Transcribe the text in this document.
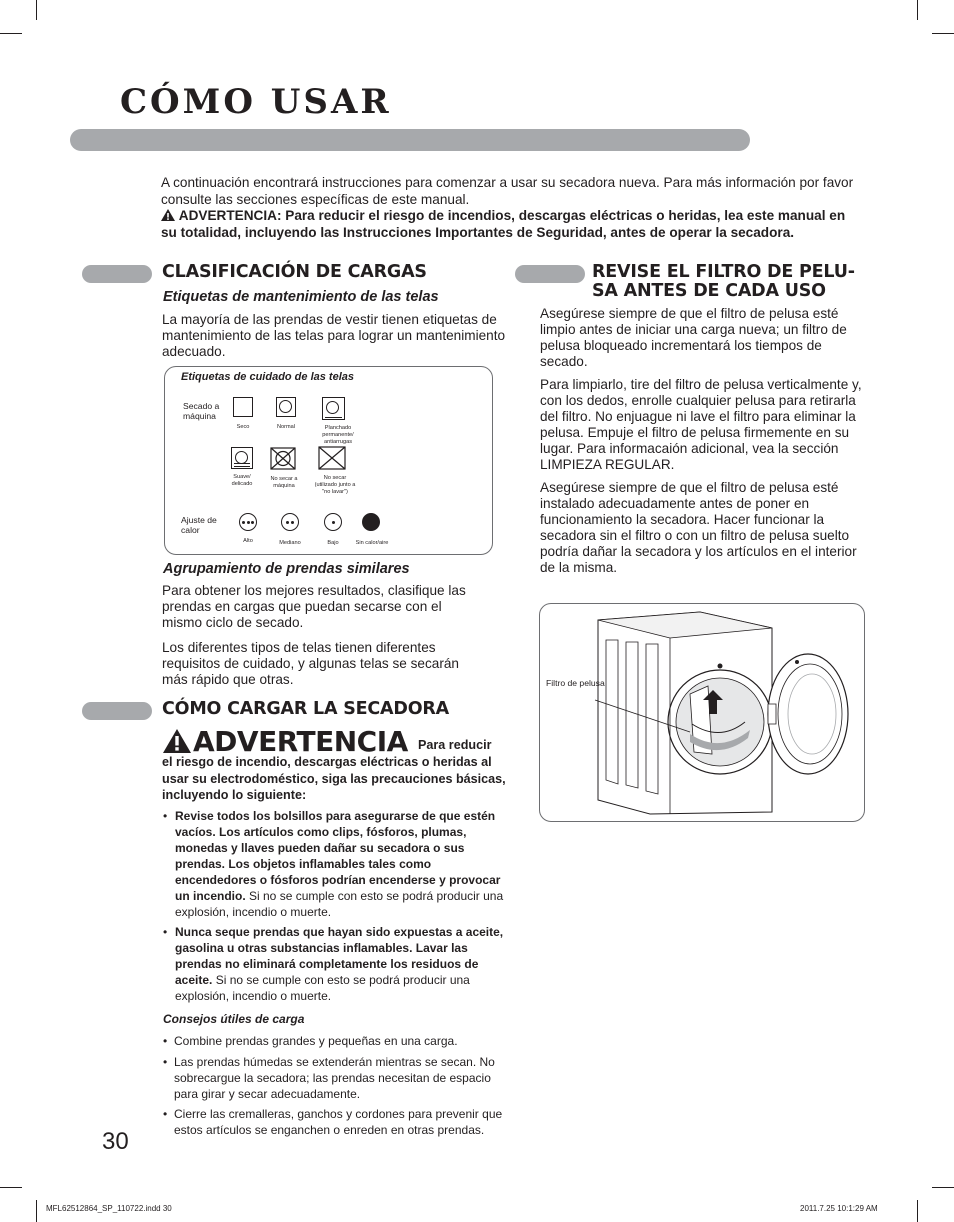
CÓMO USAR
A continuación encontrará instrucciones para comenzar a usar su secadora nueva. Para más información por favor consulte las secciones específicas de este manual.
ADVERTENCIA: Para reducir el riesgo de incendios, descargas eléctricas o heridas, lea este manual en su totalidad, incluyendo las Instrucciones Importantes de Seguridad, antes de operar la secadora.
CLASIFICACIÓN DE CARGAS
Etiquetas de mantenimiento de las telas
La mayoría de las prendas de vestir tienen etiquetas de mantenimiento de las telas para lograr un mantenimiento adecuado.
Etiquetas de cuidado de las telas
Secado a máquina
Seco	Normal	Planchado permanente/ antiarrugas
Suave/ delicado
No secar a máquina
No secar (utilizado junto a "no lavar")
Ajuste de calor
Alto	Mediano	Bajo	Sin calor/aire
Agrupamiento de prendas similares
Para obtener los mejores resultados, clasifique las prendas en cargas que puedan secarse con el mismo ciclo de secado.
Los diferentes tipos de telas tienen diferentes requisitos de cuidado, y algunas telas se secarán más rápido que otras.
CÓMO CARGAR LA SECADORA
ADVERTENCIA Para reducir
el riesgo de incendio, descargas eléctricas o heridas al usar su electrodoméstico, siga las precauciones básicas, incluyendo lo siguiente:
• Revise todos los bolsillos para asegurarse de que estén vacíos. Los artículos como clips, fósforos, plumas, monedas y llaves pueden dañar su secadora o sus prendas. Los objetos inflamables tales como encendedores o fósforos podrían encenderse y provocar un incendio. Si no se cumple con esto se podrá producir una explosión, incendio o muerte.
• Nunca seque prendas que hayan sido expuestas a aceite, gasolina u otras substancias inflamables. Lavar las prendas no eliminará completamente los residuos de aceite. Si no se cumple con esto se podrá producir una explosión, incendio o muerte.
Consejos útiles de carga
• Combine prendas grandes y pequeñas en una carga.
• Las prendas húmedas se extenderán mientras se secan. No sobrecargue la secadora; las prendas necesitan de espacio para girar y secar adecuadamente.
• Cierre las cremalleras, ganchos y cordones para prevenir que estos artículos se enganchen o enreden en otras prendas.
REVISE EL FILTRO DE PELU-
SA ANTES DE CADA USO
Asegúrese siempre de que el filtro de pelusa esté limpio antes de iniciar una carga nueva; un filtro de pelusa bloqueado incrementará los tiempos de secado.
Para limpiarlo, tire del filtro de pelusa verticalmente y, con los dedos, enrolle cualquier pelusa para retirarla del filtro. No enjuague ni lave el filtro para eliminar la pelusa. Empuje el filtro de pelusa firmemente en su lugar. Para informacaión adicional, vea la sección LIMPIEZA REGULAR.
Asegúrese siempre de que el filtro de pelusa esté instalado adecuadamente antes de poner en funcionamiento la secadora. Hacer funcionar la secadora sin el filtro o con un filtro de pelusa suelto podría dañar la secadora y los artículos en el interior de la misma.
Filtro de pelusa
30
MFL62512864_SP_110722.indd 30	2011.7.25 10:1:29 AM
